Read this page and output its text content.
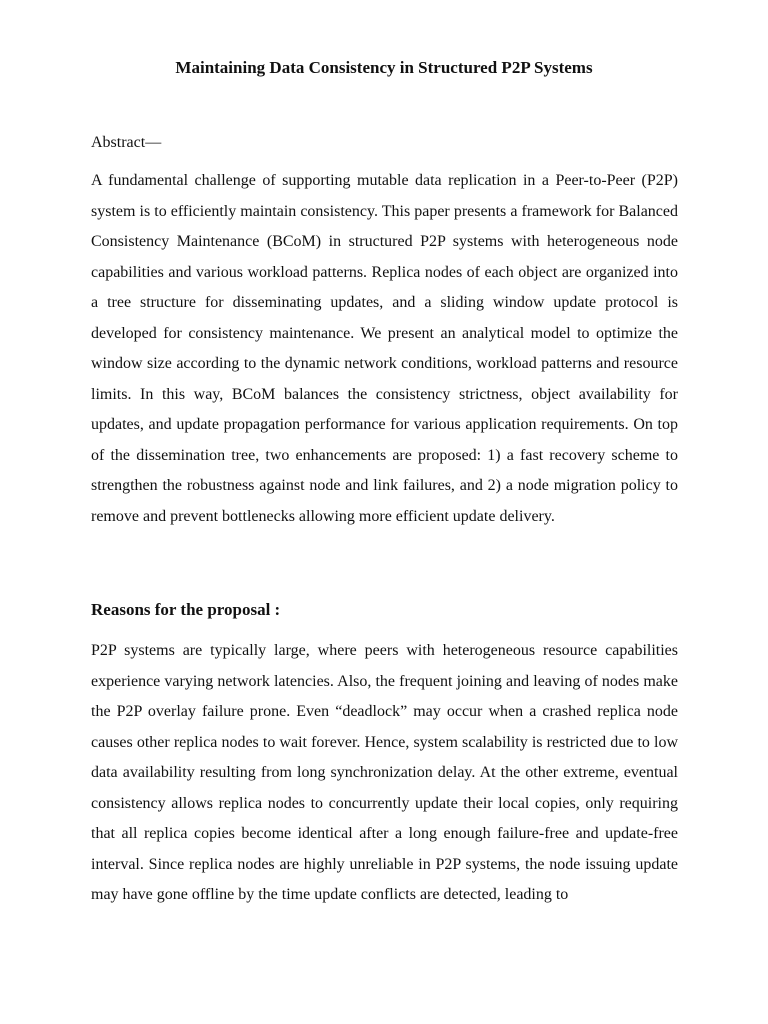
Maintaining Data Consistency in Structured P2P Systems

Abstract—

A fundamental challenge of supporting mutable data replication in a Peer-to-Peer (P2P) system is to efficiently maintain consistency. This paper presents a framework for Balanced Consistency Maintenance (BCoM) in structured P2P systems with heterogeneous node capabilities and various workload patterns. Replica nodes of each object are organized into a tree structure for disseminating updates, and a sliding window update protocol is developed for consistency maintenance. We present an analytical model to optimize the window size according to the dynamic network conditions, workload patterns and resource limits. In this way, BCoM balances the consistency strictness, object availability for updates, and update propagation performance for various application requirements. On top of the dissemination tree, two enhancements are proposed: 1) a fast recovery scheme to strengthen the robustness against node and link failures, and 2) a node migration policy to remove and prevent bottlenecks allowing more efficient update delivery.

Reasons for the proposal :

P2P systems are typically large, where peers with heterogeneous resource capabilities experience varying network latencies. Also, the frequent joining and leaving of nodes make the P2P overlay failure prone. Even “deadlock” may occur when a crashed replica node causes other replica nodes to wait forever. Hence, system scalability is restricted due to low data availability resulting from long synchronization delay. At the other extreme, eventual consistency allows replica nodes to concurrently update their local copies, only requiring that all replica copies become identical after a long enough failure-free and update-free interval. Since replica nodes are highly unreliable in P2P systems, the node issuing update may have gone offline by the time update conflicts are detected, leading to
